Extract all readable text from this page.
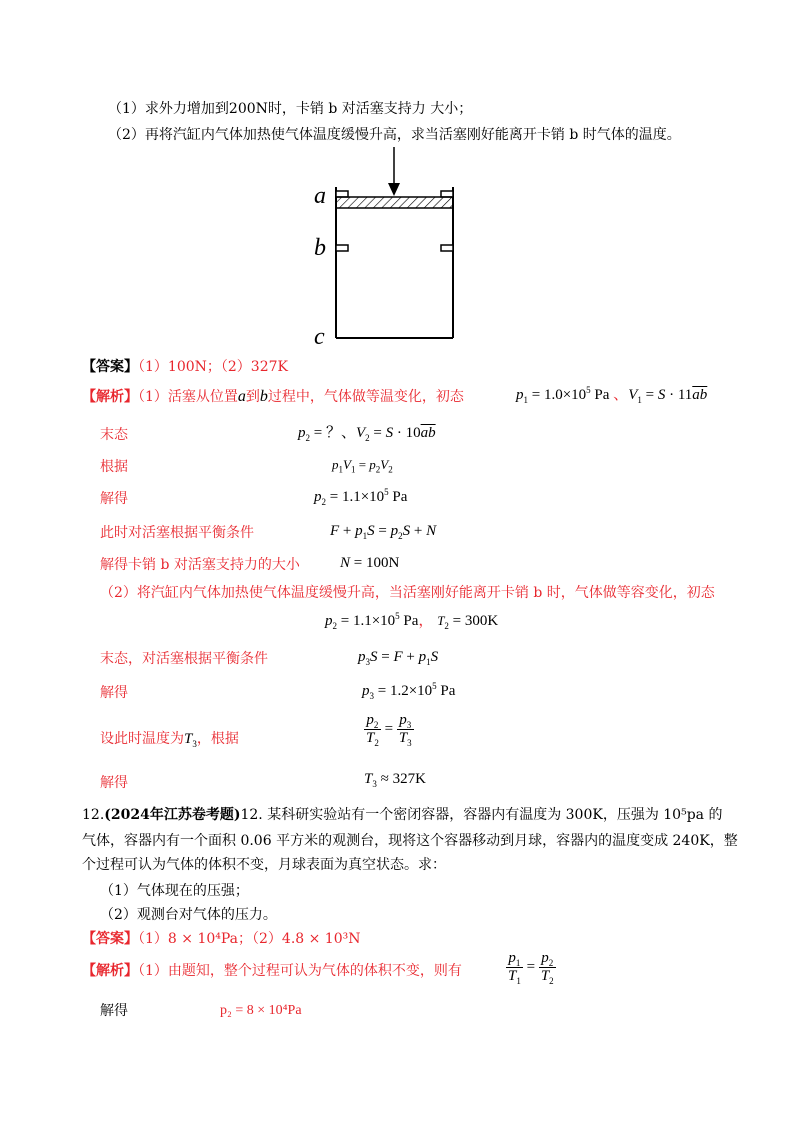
（1）求外力增加到200N时，卡销 b 对活塞支持力 大小；
（2）再将汽缸内气体加热使气体温度缓慢升高，求当活塞刚好能离开卡销 b 时气体的温度。
a
b
c
【答案】（1）100N；（2）327K
【解析】（1）活塞从位置a到b过程中，气体做等温变化，初态	$p_1 = 1.0\times 10^5$ Pa 、$V_1 = S \cdot 11\overline{ab}$
末态	$p_2$ = ？、$V_2 = S \cdot 10\overline{ab}$
根据	$p_1V_1 = p_2V_2$
解得	$p_2 = 1.1\times 10^5$ Pa
此时对活塞根据平衡条件	$F + p_1S = p_2S + N$
解得卡销 b 对活塞支持力的大小	N = 100N
（2）将汽缸内气体加热使气体温度缓慢升高，当活塞刚好能离开卡销 b 时，气体做等容变化，初态
$p_2 = 1.1\times 10^5$ Pa， $T_2 = 300K$
末态，对活塞根据平衡条件	$p_3S = F + p_1S$
解得	$p_3 = 1.2\times 10^5$ Pa
设此时温度为$T_3$，根据	$\frac{p_2}{T_2} = \frac{p_3}{T_3}$
解得	$T_3 \approx 327K$
12.(2024年江苏卷考题)12. 某科研实验站有一个密闭容器，容器内有温度为 300K，压强为 10⁵pa 的
气体，容器内有一个面积 0.06 平方米的观测台，现将这个容器移动到月球，容器内的温度变成 240K，整
个过程可认为气体的体积不变，月球表面为真空状态。求：
（1）气体现在的压强；
（2）观测台对气体的压力。
【答案】（1）8 × 10⁴Pa；（2）4.8 × 10³N
【解析】（1）由题知，整个过程可认为气体的体积不变，则有	$\frac{p_1}{T_1} = \frac{p_2}{T_2}$
解得	p₂ = 8 × 10⁴Pa
